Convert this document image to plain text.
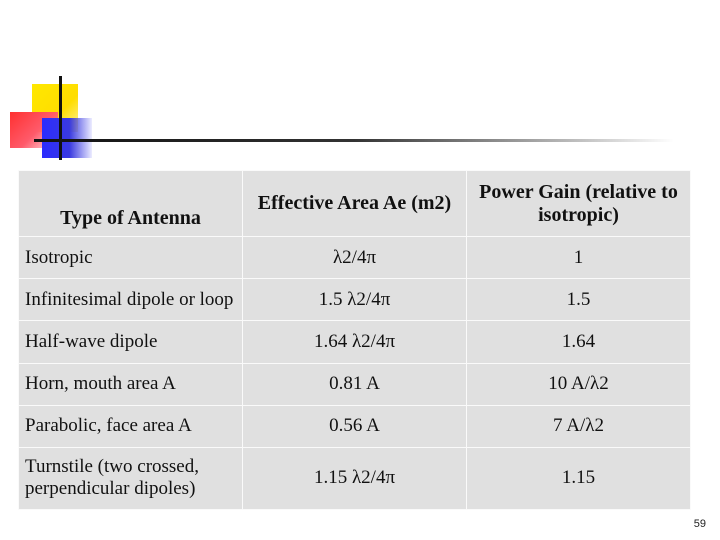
Type of Antenna	Effective Area Ae (m2)	Power Gain (relative to isotropic)
Isotropic	λ2/4π	1
Infinitesimal dipole or loop	1.5 λ2/4π	1.5
Half-wave dipole	1.64 λ2/4π	1.64
Horn, mouth area A	0.81 A	10 A/λ2
Parabolic, face area A	0.56 A	7 A/λ2
Turnstile (two crossed, perpendicular dipoles)	1.15 λ2/4π	1.15
59
